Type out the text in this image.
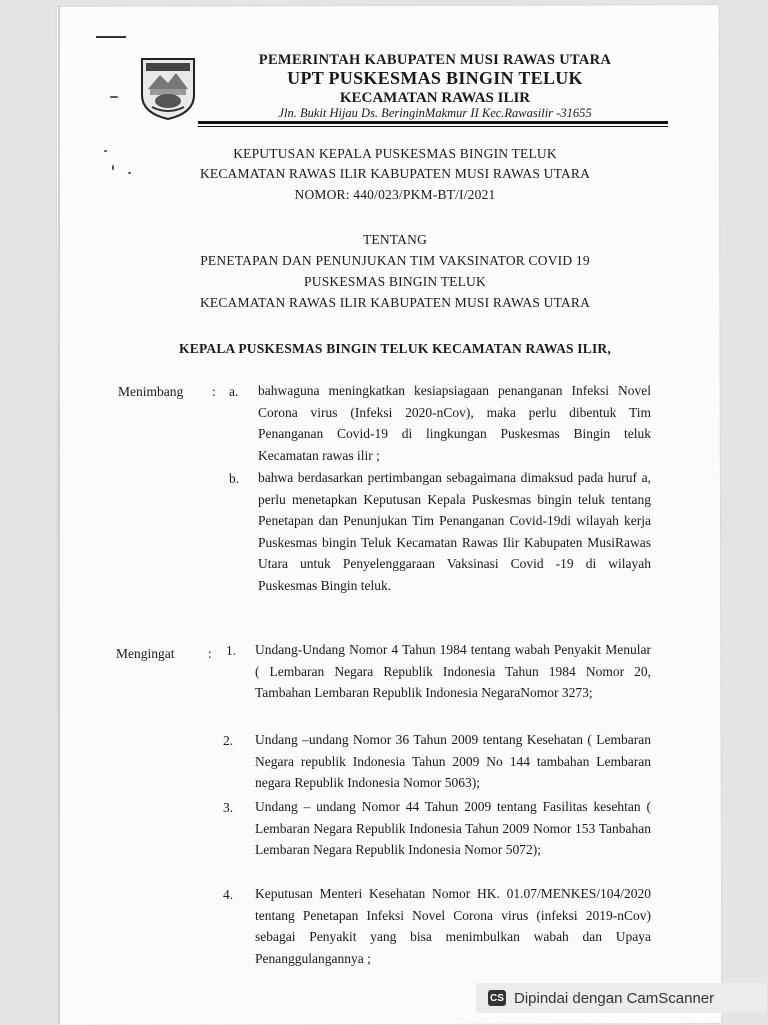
PEMERINTAH KABUPATEN MUSI RAWAS UTARA
UPT PUSKESMAS BINGIN TELUK
KECAMATAN RAWAS ILIR
Jln. Bukit Hijau Ds. BeringinMakmur II Kec.Rawasilir -31655
KEPUTUSAN KEPALA PUSKESMAS BINGIN TELUK
KECAMATAN RAWAS ILIR KABUPATEN MUSI RAWAS UTARA
NOMOR: 440/023/PKM-BT/I/2021
TENTANG
PENETAPAN DAN PENUNJUKAN TIM VAKSINATOR COVID 19
PUSKESMAS BINGIN TELUK
KECAMATAN RAWAS ILIR KABUPATEN MUSI RAWAS UTARA
KEPALA PUSKESMAS BINGIN TELUK KECAMATAN RAWAS ILIR,
Menimbang : a. bahwaguna meningkatkan kesiapsiagaan penanganan Infeksi Novel Corona virus (Infeksi 2020-nCov), maka perlu dibentuk Tim Penanganan Covid-19 di lingkungan Puskesmas Bingin teluk Kecamatan rawas ilir ;
b. bahwa berdasarkan pertimbangan sebagaimana dimaksud pada huruf a, perlu menetapkan Keputusan Kepala Puskesmas bingin teluk tentang Penetapan dan Penunjukan Tim Penanganan Covid-19di wilayah kerja Puskesmas bingin Teluk Kecamatan Rawas Ilir Kabupaten MusiRawas Utara untuk Penyelenggaraan Vaksinasi Covid -19 di wilayah Puskesmas Bingin teluk.
Mengingat : 1. Undang-Undang Nomor 4 Tahun 1984 tentang wabah Penyakit Menular ( Lembaran Negara Republik Indonesia Tahun 1984 Nomor 20, Tambahan Lembaran Republik Indonesia NegaraNomor 3273;
2. Undang –undang Nomor 36 Tahun 2009 tentang Kesehatan ( Lembaran Negara republik Indonesia Tahun 2009 No 144 tambahan Lembaran negara Republik Indonesia Nomor 5063);
3. Undang – undang Nomor 44 Tahun 2009 tentang Fasilitas kesehtan ( Lembaran Negara Republik Indonesia Tahun 2009 Nomor 153 Tanbahan Lembaran Negara Republik Indonesia Nomor 5072);
4. Keputusan Menteri Kesehatan Nomor HK. 01.07/MENKES/104/2020 tentang Penetapan Infeksi Novel Corona virus (infeksi 2019-nCov) sebagai Penyakit yang bisa menimbulkan wabah dan Upaya Penanggulangannya ;
CS Dipindai dengan CamScanner
